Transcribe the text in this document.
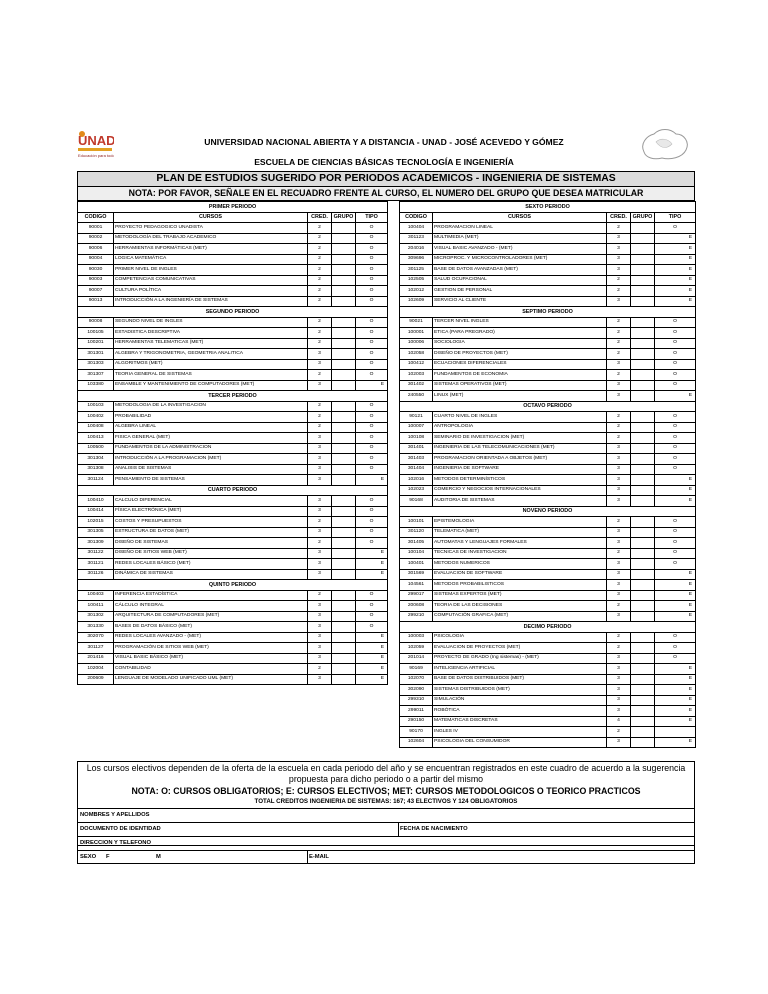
UNAD
Educación para todos
UNIVERSIDAD NACIONAL ABIERTA Y A DISTANCIA - UNAD - JOSÉ ACEVEDO Y GÓMEZ
ESCUELA DE CIENCIAS BÁSICAS TECNOLOGÍA E INGENIERÍA
PLAN DE ESTUDIOS SUGERIDO POR PERIODOS ACADEMICOS - INGENIERIA DE SISTEMAS
NOTA: POR FAVOR, SEÑALE EN EL RECUADRO FRENTE AL CURSO, EL NUMERO DEL GRUPO QUE DESEA MATRICULAR
PRIMER PERIODO				
CODIGO	CURSOS	CRED.	GRUPO	TIPO
90001	PROYECTO PEDAGOGICO UNADISTA	2		O
90002	METODOLOGÍA DEL TRABAJO ACADEMICO	2		O
90006	HERRAMIENTAS INFORMÁTICAS (MET)	2		O
90004	LOGICA MATEMÁTICA	2		O
90030	PRIMER NIVEL DE INGLES	2		O
90003	COMPETENCIAS COMUNICATIVAS	2		O
90007	CULTURA POLÍTICA	2		O
90013	INTRODUCCIÓN A LA INGENIERÍA DE SISTEMAS	2		O
SEGUNDO PERIODO				
90008	SEGUNDO NIVEL DE INGLES	2		O
100105	ESTADISTICA DESCRIPTIVA	2		O
100201	HERRAMIENTAS TELEMATICAS (MET)	2		O
301301	ALGEBRA Y TRIGONOMETRIA, GEOMETRIA ANALITICA	3		O
301303	ALGORITMOS (MET)	3		O
301307	TEORIA GENERAL DE SISTEMAS	2		O
103380	ENSAMBLE Y MANTENIMIENTO DE COMPUTADORES (MET)	3		E
TERCER PERIODO				
100103	METODOLOGIA DE LA INVESTIGACION	2		O
100402	PROBABILIDAD	2		O
100408	ALGEBRA LINEAL	2		O
100413	FISICA GENERAL (MET)	3		O
100500	FUNDAMENTOS DE LA ADMINISTRACION	3		O
301304	INTRODUCCIÓN A LA PROGRAMACION (MET)	3		O
301308	ANALISIS DE SISTEMAS	3		O
301124	PENSAMIENTO DE SISTEMAS	3		E
CUARTO PERIODO				
100410	CALCULO DIFERENCIAL	3		O
100414	FÍSICA ELECTRÓNICA (MET)	3		O
102015	COSTOS Y PRESUPUESTOS	2		O
301305	ESTRUCTURA DE DATOS (MET)	3		O
301309	DISEÑO DE SISTEMAS	2		O
301122	DISEÑO DE SITIOS WEB (MET)	3		E
301121	REDES LOCALES BÁSICO (MET)	3		E
301126	DINÁMICA DE SISTEMAS	3		E
QUINTO PERIODO				
100403	INFERENCIA ESTADÍSTICA	2		O
100411	CÁLCULO INTEGRAL	3		O
301302	ARQUITECTURA DE COMPUTADORES (MET)	3		O
301330	BASES DE DATOS BÁSICO (MET)	3		O
302070	REDES LOCALES AVANZADO - (MET)	3		E
301127	PROGRAMACIÓN DE SITIOS WEB (MET)	3		E
201416	VISUAL BASIC BÁSICO (MET)	3		E
102004	CONTABILIDAD	2		E
200609	LENGUAJE DE MODELADO UNIFICADO UML (MET)	3		E
SEXTO PERIODO				
CODIGO	CURSOS	CRED.	GRUPO	TIPO
100404	PROGRAMACION LINEAL	2		O
301123	MULTIMEDIA (MET)	3		E
204016	VISUAL BASIC AVANZADO - (MET)	3		E
309696	MICROPROC. Y MICROCONTROLADORES (MET)	3		E
301125	BASE DE DATOS AVANZADAS (MET)	3		E
102505	SALUD OCUPACIONAL	2		E
102012	GESTION DE PERSONAL	2		E
102609	SERVICIO AL CLIENTE	3		E
SEPTIMO PERIODO				
90021	TERCER NIVEL INGLES	2		O
100001	ETICA (PARA PREGRADO)	2		O
100006	SOCIOLOGIA	2		O
102058	DISEÑO DE PROYECTOS (MET)	2		O
100412	ECUACIONES DIFERENCIALES	3		O
102003	FUNDAMENTOS DE ECONOMIA	2		O
301402	SISTEMAS OPERATIVOS (MET)	3		O
240550	LINUX (MET)	3		E
OCTAVO PERIODO				
90121	CUARTO NIVEL DE INGLES	2		O
100007	ANTROPOLOGIA	2		O
100108	SEMINARIO DE INVESTIGACION (MET)	2		O
301401	INGENIERIA DE LAS TELECOMUNICACIONES (MET)	3		O
301403	PROGRAMACION ORIENTADA A OBJETOS (MET)	3		O
301404	INGENIERIA DE SOFTWARE	3		O
102016	METODOS DETERMINÍSTICOS	3		E
102023	COMERCIO Y NEGOCIOS INTERNACIONALES	3		E
90168	AUDITORIA DE SISTEMAS	3		E
NOVENO PERIODO				
100101	EPISTEMOLOGIA	2		O
301120	TELEMATICA (MET)	3		O
301405	AUTOMATAS Y LENGUAJES FORMALES	3		O
100104	TECNICAS DE INVESTIGACION	2		O
100401	METODOS NUMERICOS	3		O
301569	EVALUACION DE SOFTWARE	3		E
104561	METODOS PROBABILISTICOS	3		E
299017	SISTEMAS EXPERTOS (MET)	3		E
200608	TEORIA DE LAS DECISIONES	2		E
299210	COMPUTACIÓN GRAFICA (MET)	3		E
DECIMO PERIODO				
100003	PSICOLOGIA	2		O
102059	EVALUACION DE PROYECTOS (MET)	2		O
201014	PROYECTO DE GRADO (Ing sistemas) - (MET)	3		O
90169	INTELIGENCIA ARTIFICIAL	3		E
102070	BASE DE DATOS DISTRIBUIDOS (MET)	3		E
302090	SISTEMAS DISTRIBUIDOS (MET)	3		E
299310	SIMULACIÓN	3		E
299011	ROBÓTICA	3		E
290150	MATEMATICAS DISCRETAS	4		E
90170	INGLES IV	2		
102604	PSICOLOGIA DEL CONSUMIDOR	3		E
Los cursos electivos dependen de la oferta de la escuela en cada periodo del año y se encuentran registrados en este cuadro de acuerdo a la sugerencia propuesta para dicho periodo o a partir del mismo
NOTA: O: CURSOS OBLIGATORIOS; E: CURSOS ELECTIVOS; MET: CURSOS METODOLOGICOS O TEORICO PRACTICOS
TOTAL CREDITOS INGENIERIA DE SISTEMAS: 167; 43 ELECTIVOS Y 124 OBLIGATORIOS
NOMBRES Y APELLIDOS
DOCUMENTO DE IDENTIDAD	FECHA DE NACIMIENTO
DIRECCION Y TELEFONO
SEXO F	M	E-MAIL
